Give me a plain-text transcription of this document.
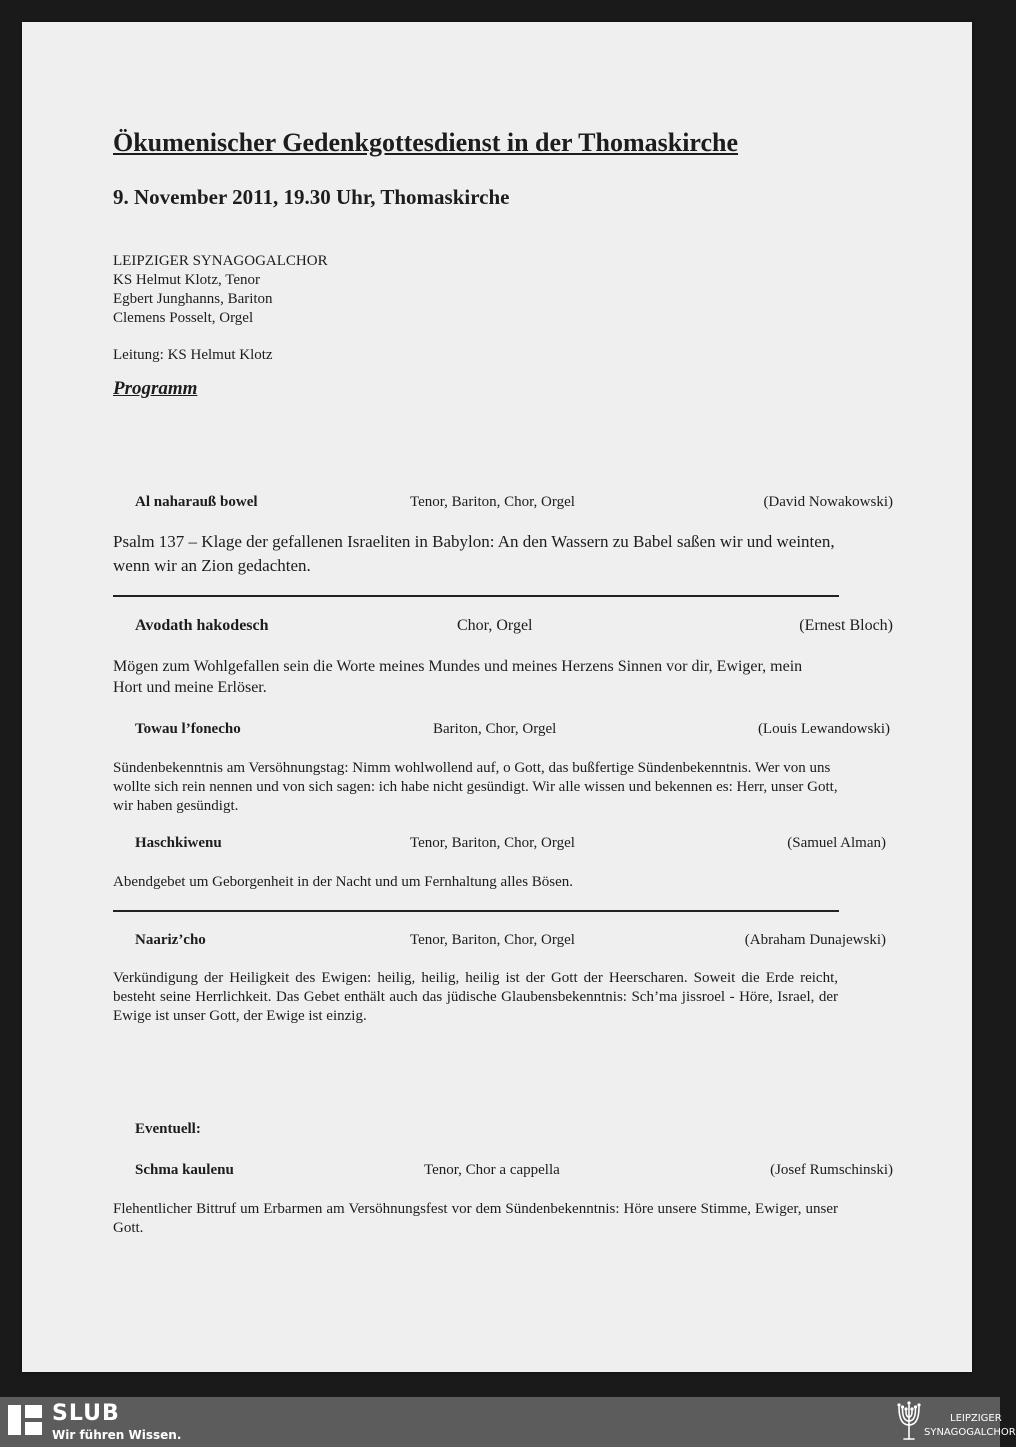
Ökumenischer Gedenkgottesdienst in der Thomaskirche
9. November 2011, 19.30 Uhr, Thomaskirche
LEIPZIGER SYNAGOGALCHOR
KS Helmut Klotz, Tenor
Egbert Junghanns, Bariton
Clemens Posselt, Orgel
Leitung: KS Helmut Klotz
Programm
Al naharauß bowel	Tenor, Bariton, Chor, Orgel	(David Nowakowski)
Psalm 137 – Klage der gefallenen Israeliten in Babylon: An den Wassern zu Babel saßen wir und weinten, wenn wir an Zion gedachten.
Avodath hakodesch	Chor, Orgel	(Ernest Bloch)
Mögen zum Wohlgefallen sein die Worte meines Mundes und meines Herzens Sinnen vor dir, Ewiger, mein Hort und meine Erlöser.
Towau l’fonecho	Bariton, Chor, Orgel	(Louis Lewandowski)
Sündenbekenntnis am Versöhnungstag: Nimm wohlwollend auf, o Gott, das bußfertige Sündenbekenntnis. Wer von uns wollte sich rein nennen und von sich sagen: ich habe nicht gesündigt. Wir alle wissen und bekennen es: Herr, unser Gott, wir haben gesündigt.
Haschkiwenu	Tenor, Bariton, Chor, Orgel	(Samuel Alman)
Abendgebet um Geborgenheit in der Nacht und um Fernhaltung alles Bösen.
Naariz’cho	Tenor, Bariton, Chor, Orgel	(Abraham Dunajewski)
Verkündigung der Heiligkeit des Ewigen: heilig, heilig, heilig ist der Gott der Heerscharen. Soweit die Erde reicht, besteht seine Herrlichkeit. Das Gebet enthält auch das jüdische Glaubensbekenntnis: Sch’ma jissroel - Höre, Israel, der Ewige ist unser Gott, der Ewige ist einzig.
Eventuell:
Schma kaulenu	Tenor, Chor a cappella	(Josef Rumschinski)
Flehentlicher Bittruf um Erbarmen am Versöhnungsfest vor dem Sündenbekenntnis: Höre unsere Stimme, Ewiger, unser Gott.
SLUB
Wir führen Wissen.
LEIPZIGER
SYNAGOGALCHOR
